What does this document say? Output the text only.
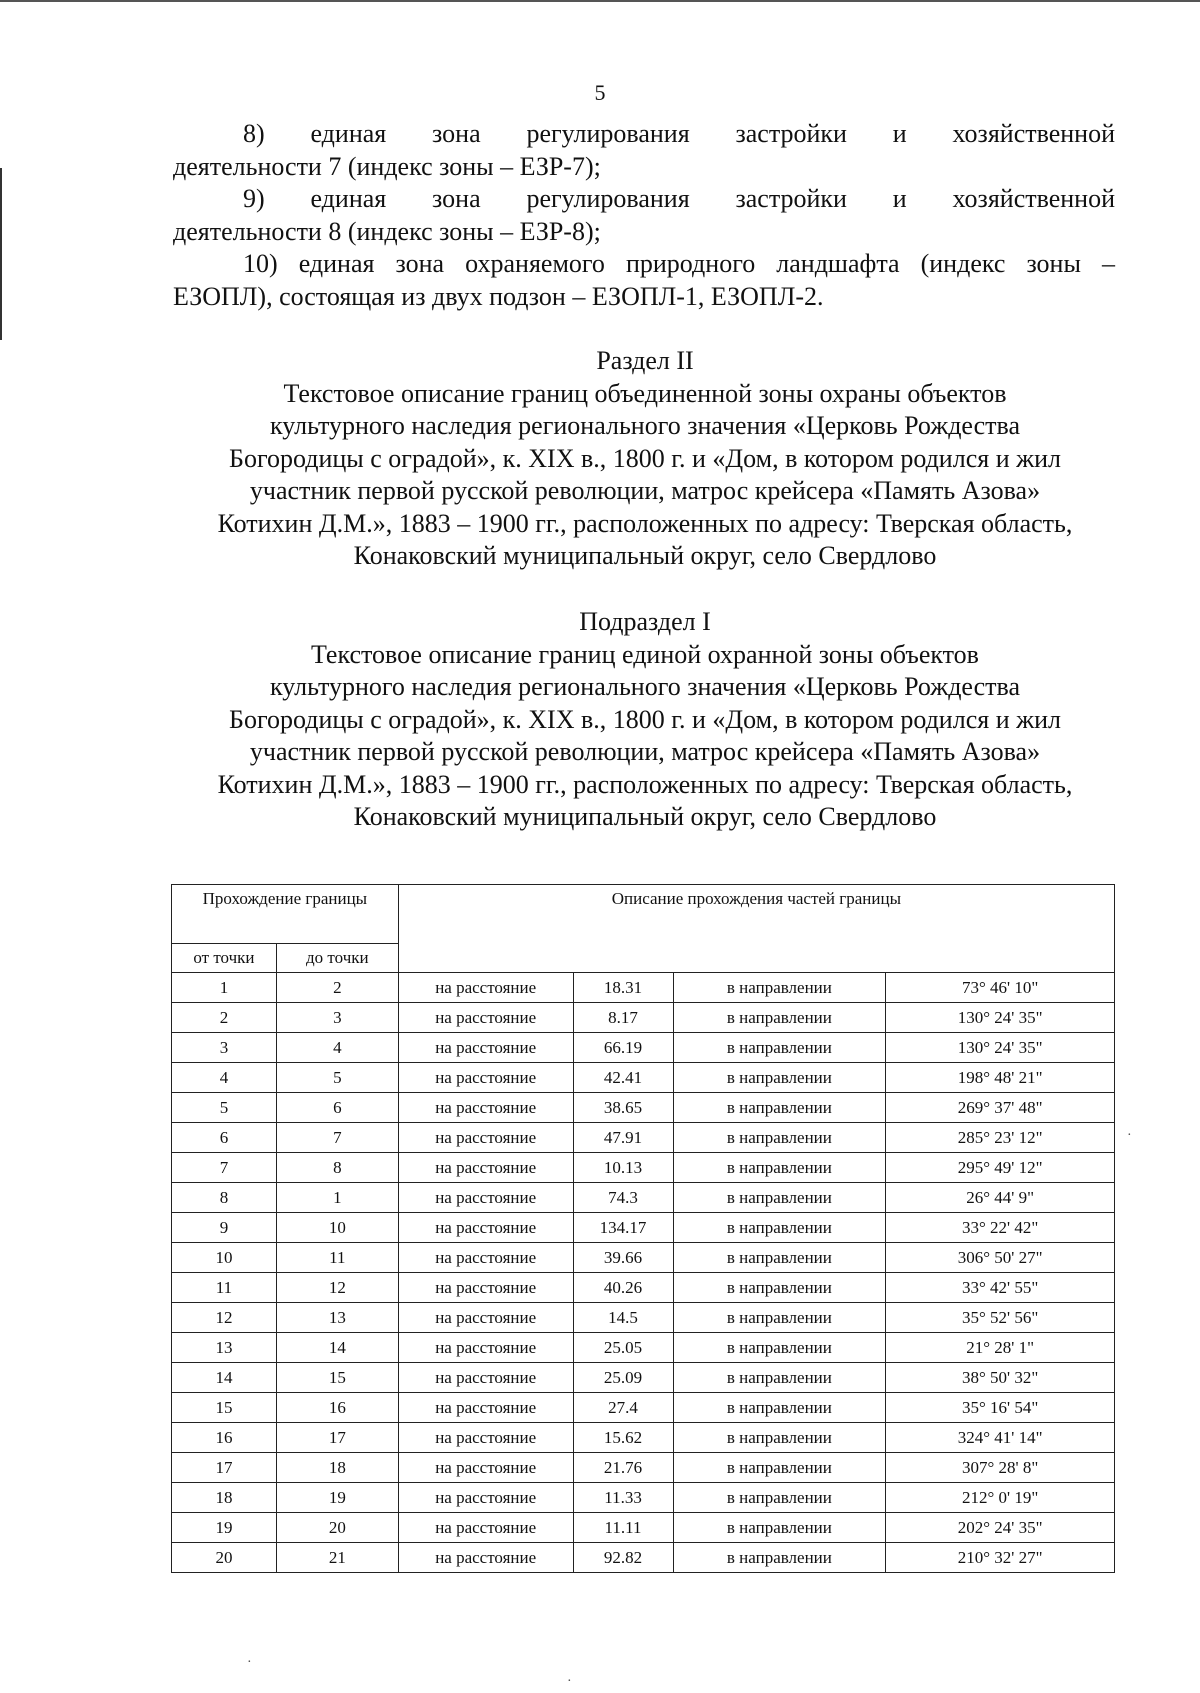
5

8) единая зона регулирования застройки и хозяйственной

деятельности 7 (индекс зоны – ЕЗР-7);

9) единая зона регулирования застройки и хозяйственной

деятельности 8 (индекс зоны – ЕЗР-8);

10) единая зона охраняемого природного ландшафта (индекс зоны –

ЕЗОПЛ), состоящая из двух подзон – ЕЗОПЛ-1, ЕЗОПЛ-2.

Раздел II
Текстовое описание границ объединенной зоны охраны объектов
культурного наследия регионального значения «Церковь Рождества
Богородицы с оградой», к. XIX в., 1800 г. и «Дом, в котором родился и жил
участник первой русской революции, матрос крейсера «Память Азова»
Котихин Д.М.», 1883 – 1900 гг., расположенных по адресу: Тверская область,
Конаковский муниципальный округ, село Свердлово
Подраздел I
Текстовое описание границ единой охранной зоны объектов
культурного наследия регионального значения «Церковь Рождества
Богородицы с оградой», к. XIX в., 1800 г. и «Дом, в котором родился и жил
участник первой русской революции, матрос крейсера «Память Азова»
Котихин Д.М.», 1883 – 1900 гг., расположенных по адресу: Тверская область,
Конаковский муниципальный округ, село Свердлово
Прохождение границы		Описание прохождения частей границы			
от точки	до точки				
1	2	на расстояние	18.31	в направлении	73° 46' 10"
2	3	на расстояние	8.17	в направлении	130° 24' 35"
3	4	на расстояние	66.19	в направлении	130° 24' 35"
4	5	на расстояние	42.41	в направлении	198° 48' 21"
5	6	на расстояние	38.65	в направлении	269° 37' 48"
6	7	на расстояние	47.91	в направлении	285° 23' 12"
7	8	на расстояние	10.13	в направлении	295° 49' 12"
8	1	на расстояние	74.3	в направлении	26° 44' 9"
9	10	на расстояние	134.17	в направлении	33° 22' 42"
10	11	на расстояние	39.66	в направлении	306° 50' 27"
11	12	на расстояние	40.26	в направлении	33° 42' 55"
12	13	на расстояние	14.5	в направлении	35° 52' 56"
13	14	на расстояние	25.05	в направлении	21° 28' 1"
14	15	на расстояние	25.09	в направлении	38° 50' 32"
15	16	на расстояние	27.4	в направлении	35° 16' 54"
16	17	на расстояние	15.62	в направлении	324° 41' 14"
17	18	на расстояние	21.76	в направлении	307° 28' 8"
18	19	на расстояние	11.33	в направлении	212° 0' 19"
19	20	на расстояние	11.11	в направлении	202° 24' 35"
20	21	на расстояние	92.82	в направлении	210° 32' 27"
·
·
·
